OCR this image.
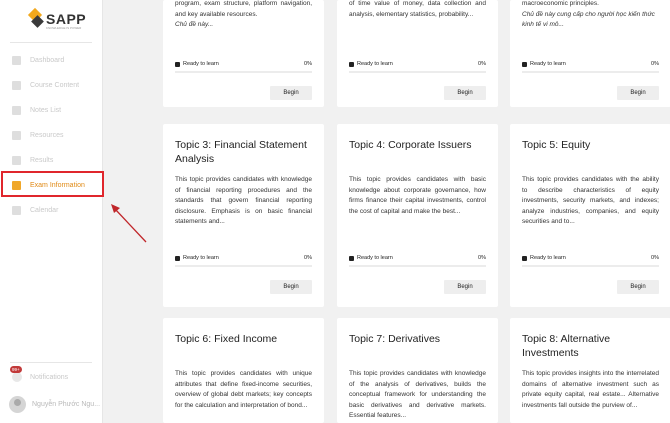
SAPP
KNOWLEDGE IS POWER
Dashboard
Course Content
Notes List
Resources
Results
Exam Information
Calendar
99+
Notifications
Nguyễn Phước Ngu...
program, exam structure, platform navigation, and key available resources.
Chủ đề này...
Ready to learn	0%
Begin
Topic 3: Financial Statement Analysis
This topic provides candidates with knowledge of financial reporting procedures and the standards that govern financial reporting disclosure. Emphasis is on basic financial statements and...
Ready to learn	0%
Begin
Topic 6: Fixed Income
This topic provides candidates with unique attributes that define fixed-income securities, overview of global debt markets; key concepts for the calculation and interpretation of bond...
of time value of money, data collection and analysis, elementary statistics, probability...
Ready to learn	0%
Begin
Topic 4: Corporate Issuers
This topic provides candidates with basic knowledge about corporate governance, how firms finance their capital investments, control the cost of capital and make the best...
Ready to learn	0%
Begin
Topic 7: Derivatives
This topic provides candidates with knowledge of the analysis of derivatives, builds the conceptual framework for understanding the basic derivatives and derivative markets. Essential features...
macroeconomic principles.
Chủ đề này cung cấp cho người học kiến thức kinh tế vi mô...
Ready to learn	0%
Begin
Topic 5: Equity
This topic provides candidates with the ability to describe characteristics of equity investments, security markets, and indexes; analyze industries, companies, and equity securities and to...
Ready to learn	0%
Begin
Topic 8: Alternative Investments
This topic provides insights into the interrelated domains of alternative investment such as private equity capital, real estate... Alternative investments fall outside the purview of...
